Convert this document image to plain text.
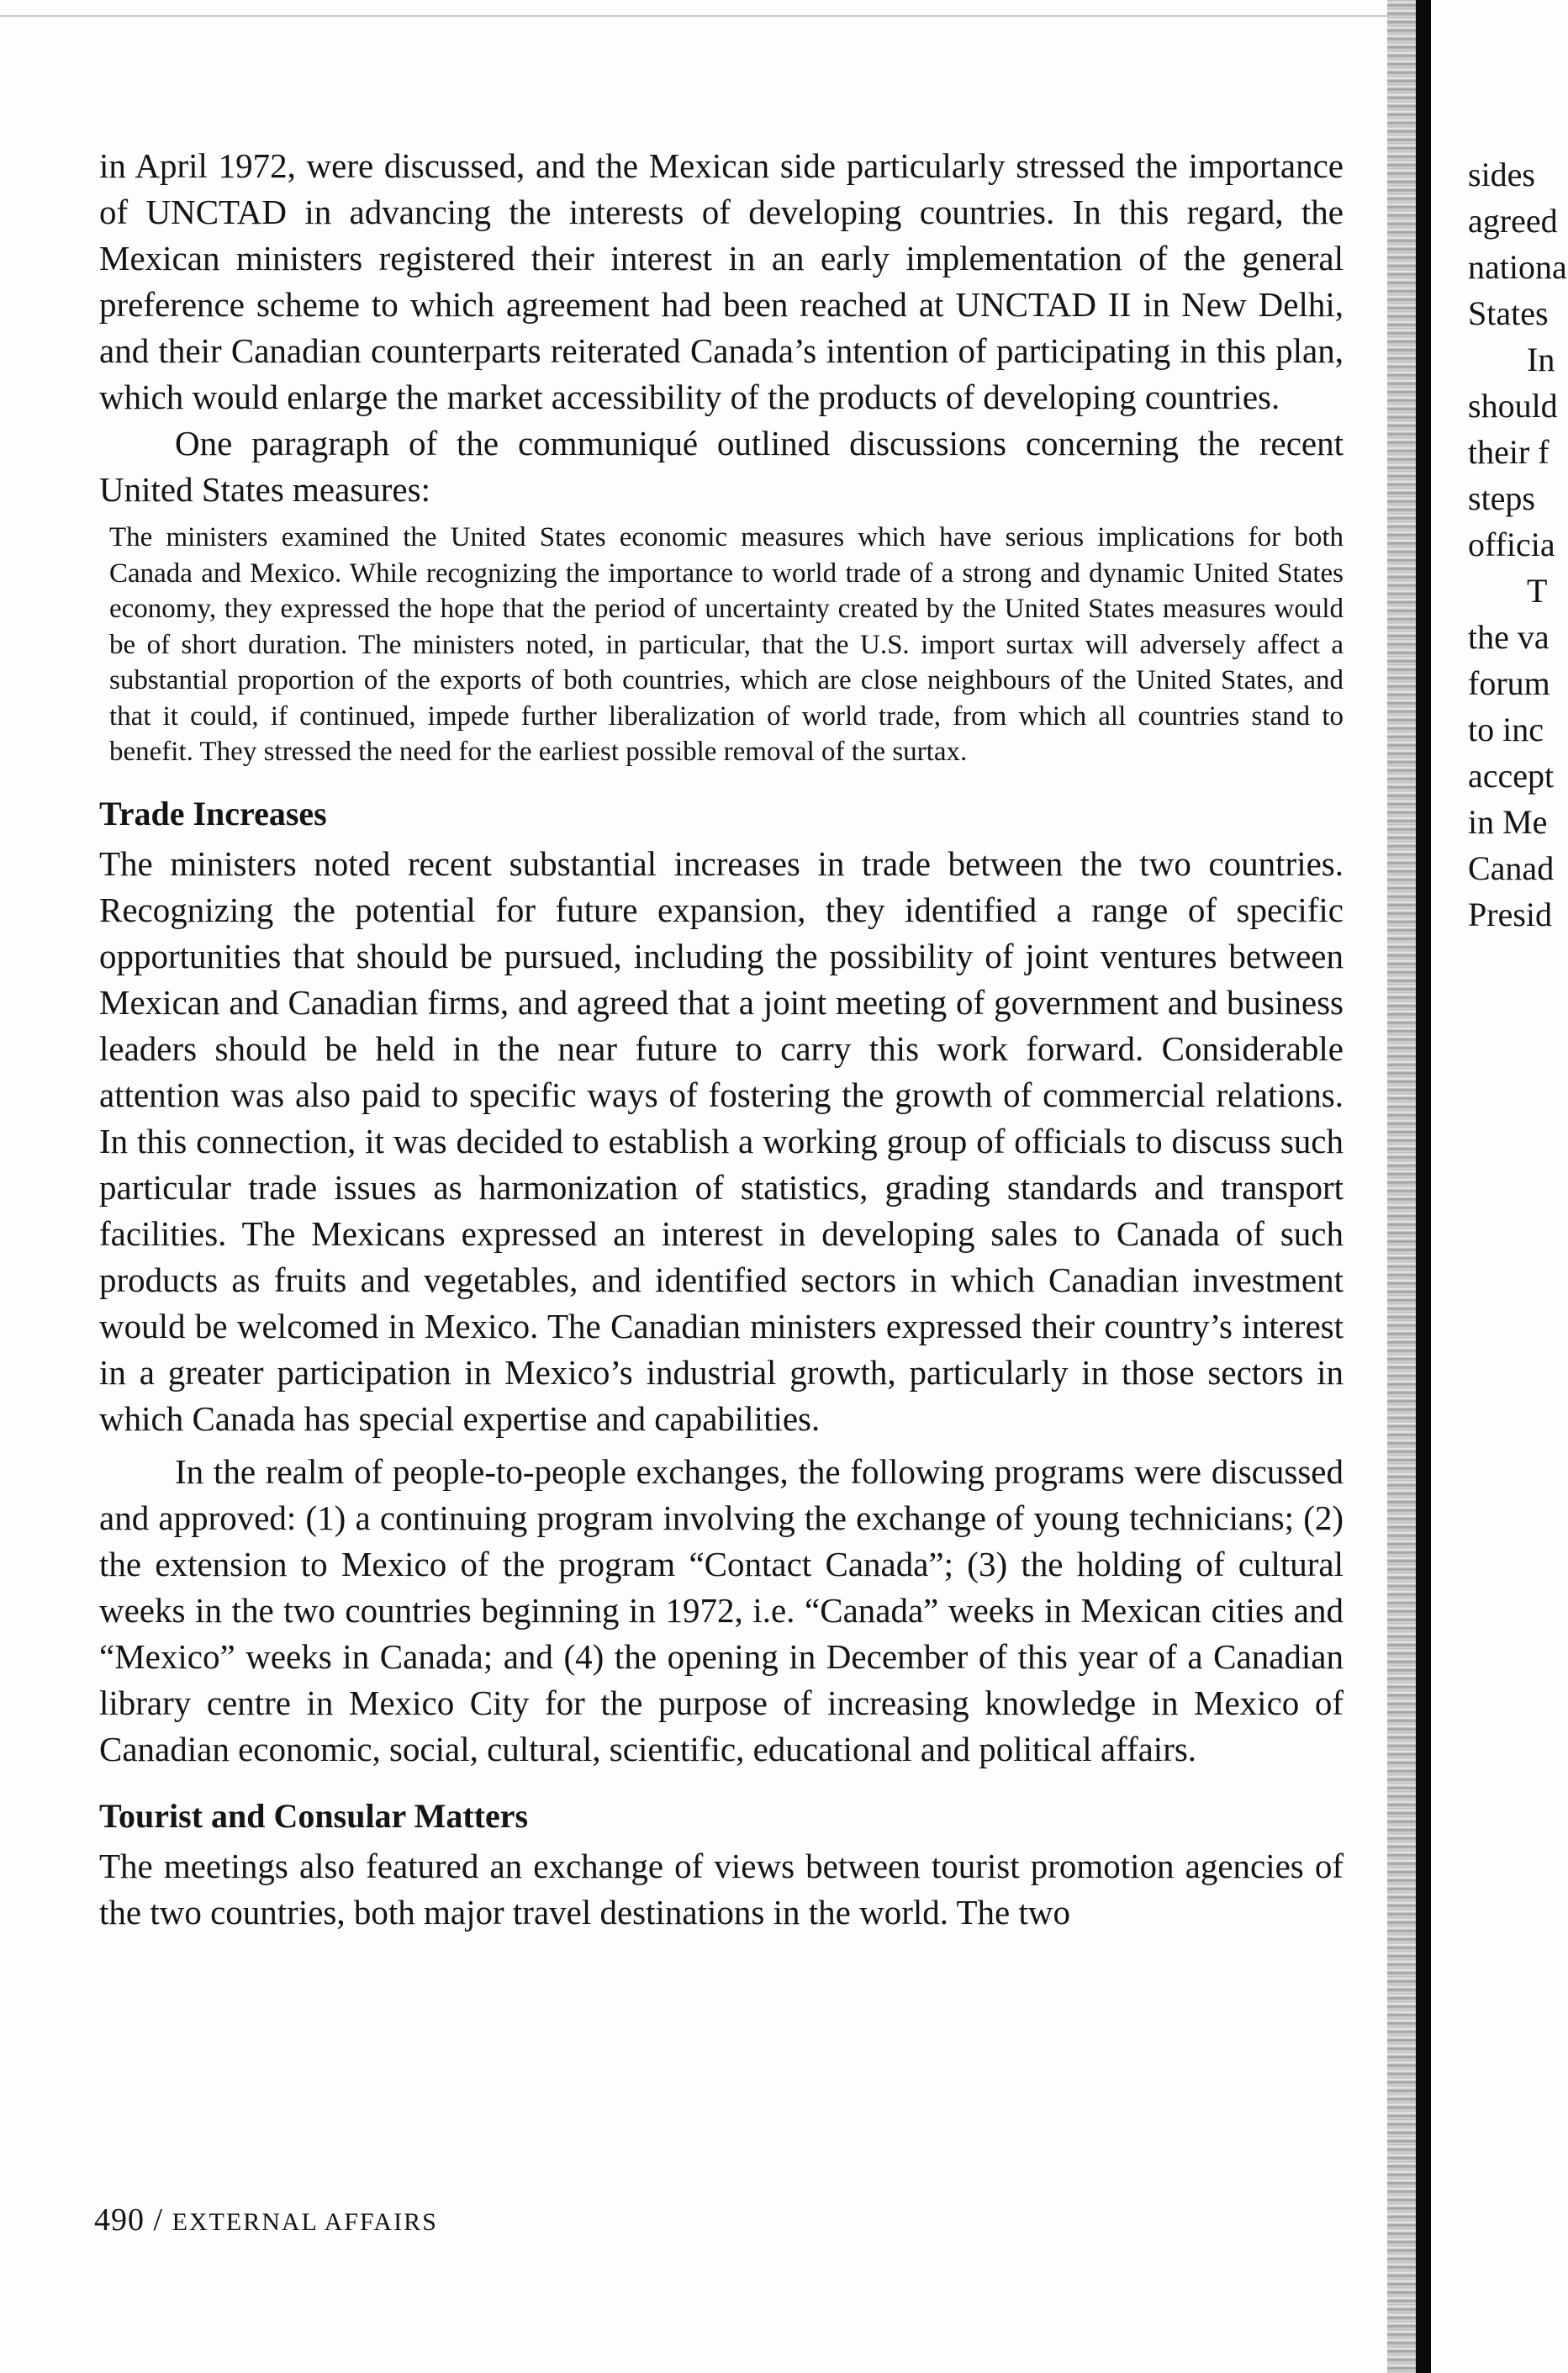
in April 1972, were discussed, and the Mexican side particularly stressed the importance of UNCTAD in advancing the interests of developing countries. In this regard, the Mexican ministers registered their interest in an early implementation of the general preference scheme to which agreement had been reached at UNCTAD II in New Delhi, and their Canadian counterparts reiterated Canada’s intention of participating in this plan, which would enlarge the market accessibility of the products of developing countries.

One paragraph of the communiqué outlined discussions concerning the recent United States measures:

The ministers examined the United States economic measures which have serious implications for both Canada and Mexico. While recognizing the importance to world trade of a strong and dynamic United States economy, they expressed the hope that the period of uncertainty created by the United States measures would be of short duration. The ministers noted, in particular, that the U.S. import surtax will adversely affect a substantial proportion of the exports of both countries, which are close neighbours of the United States, and that it could, if continued, impede further liberalization of world trade, from which all countries stand to benefit. They stressed the need for the earliest possible removal of the surtax.

Trade Increases

The ministers noted recent substantial increases in trade between the two countries. Recognizing the potential for future expansion, they identified a range of specific opportunities that should be pursued, including the possibility of joint ventures between Mexican and Canadian firms, and agreed that a joint meeting of government and business leaders should be held in the near future to carry this work forward. Considerable attention was also paid to specific ways of fostering the growth of commercial relations. In this connection, it was decided to establish a working group of officials to discuss such particular trade issues as harmonization of statistics, grading standards and transport facilities. The Mexicans expressed an interest in developing sales to Canada of such products as fruits and vegetables, and identified sectors in which Canadian investment would be welcomed in Mexico. The Canadian ministers expressed their country’s interest in a greater participation in Mexico’s industrial growth, particularly in those sectors in which Canada has special expertise and capabilities.

In the realm of people-to-people exchanges, the following programs were discussed and approved: (1) a continuing program involving the exchange of young technicians; (2) the extension to Mexico of the program “Contact Canada”; (3) the holding of cultural weeks in the two countries beginning in 1972, i.e. “Canada” weeks in Mexican cities and “Mexico” weeks in Canada; and (4) the opening in December of this year of a Canadian library centre in Mexico City for the purpose of increasing knowledge in Mexico of Canadian economic, social, cultural, scientific, educational and political affairs.

Tourist and Consular Matters

The meetings also featured an exchange of views between tourist promotion agencies of the two countries, both major travel destinations in the world. The two

490 / EXTERNAL AFFAIRS
sides
agreed
nationa
States
In
should
their f
steps
officia
T
the va
forum
to inc
accept
in Me
Canad
Presid
